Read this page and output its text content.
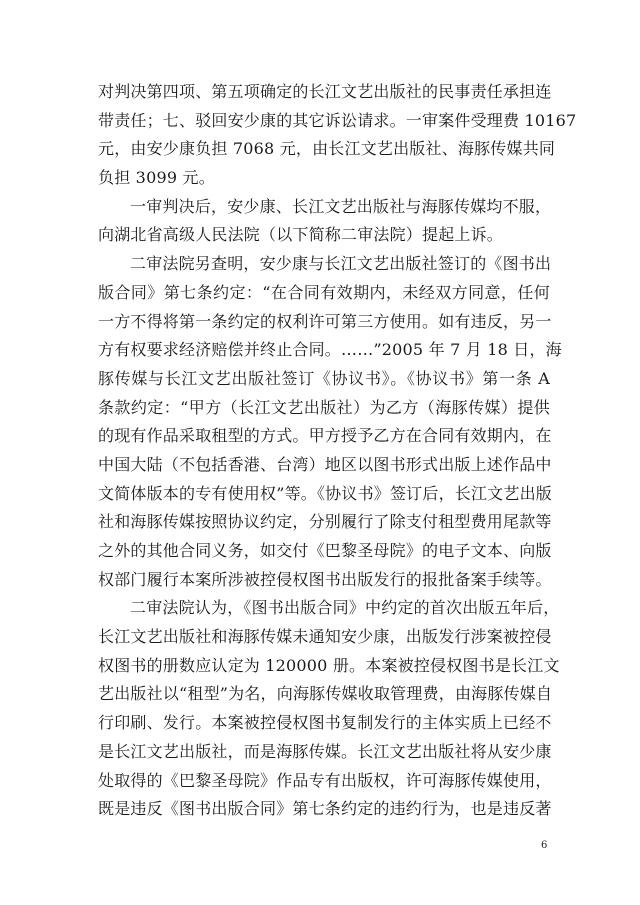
对判决第四项、第五项确定的长江文艺出版社的民事责任承担连
带责任；七、驳回安少康的其它诉讼请求。一审案件受理费 10167
元，由安少康负担 7068 元，由长江文艺出版社、海豚传媒共同
负担 3099 元。
一审判决后，安少康、长江文艺出版社与海豚传媒均不服，
向湖北省高级人民法院（以下简称二审法院）提起上诉。
二审法院另查明，安少康与长江文艺出版社签订的《图书出
版合同》第七条约定：“在合同有效期内，未经双方同意，任何
一方不得将第一条约定的权利许可第三方使用。如有违反，另一
方有权要求经济赔偿并终止合同。……”2005 年 7 月 18 日，海
豚传媒与长江文艺出版社签订《协议书》。《协议书》第一条 A
条款约定：“甲方（长江文艺出版社）为乙方（海豚传媒）提供
的现有作品采取租型的方式。甲方授予乙方在合同有效期内，在
中国大陆（不包括香港、台湾）地区以图书形式出版上述作品中
文简体版本的专有使用权”等。《协议书》签订后，长江文艺出版
社和海豚传媒按照协议约定，分别履行了除支付租型费用尾款等
之外的其他合同义务，如交付《巴黎圣母院》的电子文本、向版
权部门履行本案所涉被控侵权图书出版发行的报批备案手续等。
二审法院认为，《图书出版合同》中约定的首次出版五年后，
长江文艺出版社和海豚传媒未通知安少康，出版发行涉案被控侵
权图书的册数应认定为 120000 册。本案被控侵权图书是长江文
艺出版社以“租型”为名，向海豚传媒收取管理费，由海豚传媒自
行印刷、发行。本案被控侵权图书复制发行的主体实质上已经不
是长江文艺出版社，而是海豚传媒。长江文艺出版社将从安少康
处取得的《巴黎圣母院》作品专有出版权，许可海豚传媒使用，
既是违反《图书出版合同》第七条约定的违约行为，也是违反著
6
